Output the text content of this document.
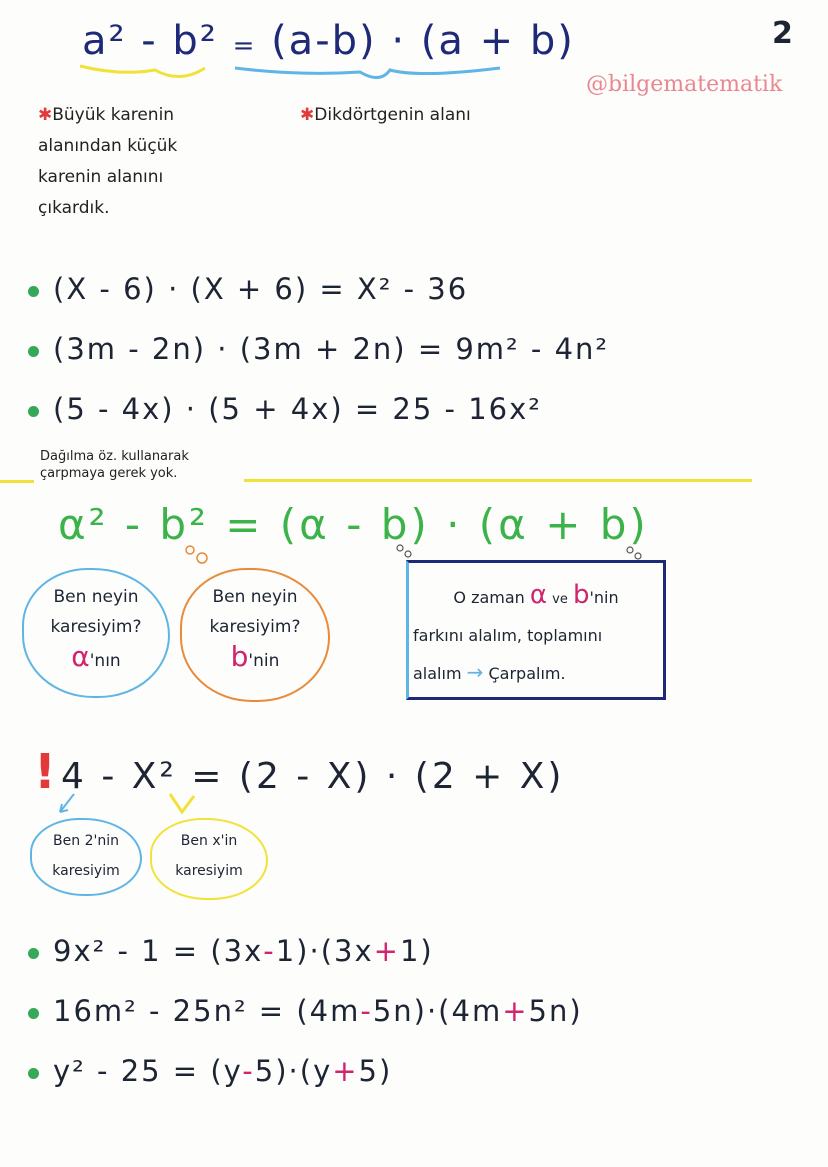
2
@bilgematematik
a² - b² = (a-b) · (a + b)
✱Büyük karenin
alanından küçük
karenin alanını
çıkardık.
✱Dikdörtgenin alanı
(X - 6) · (X + 6) = X² - 36
(3m - 2n) · (3m + 2n) = 9m² - 4n²
(5 - 4x) · (5 + 4x) = 25 - 16x²
Dağılma öz. kullanarak
çarpmaya gerek yok.
α² - b² = (α - b) · (α + b)
Ben neyin
karesiyim?
α'nın
Ben neyin
karesiyim?
b'nin
O zaman α ve b'nin
farkını alalım, toplamını
alalım → Çarpalım.
! 4 - X² = (2 - X) · (2 + X)
Ben 2'nin
karesiyim
Ben x'in
karesiyim
9x² - 1 = (3x-1)·(3x+1)
16m² - 25n² = (4m-5n)·(4m+5n)
y² - 25 = (y-5)·(y+5)
